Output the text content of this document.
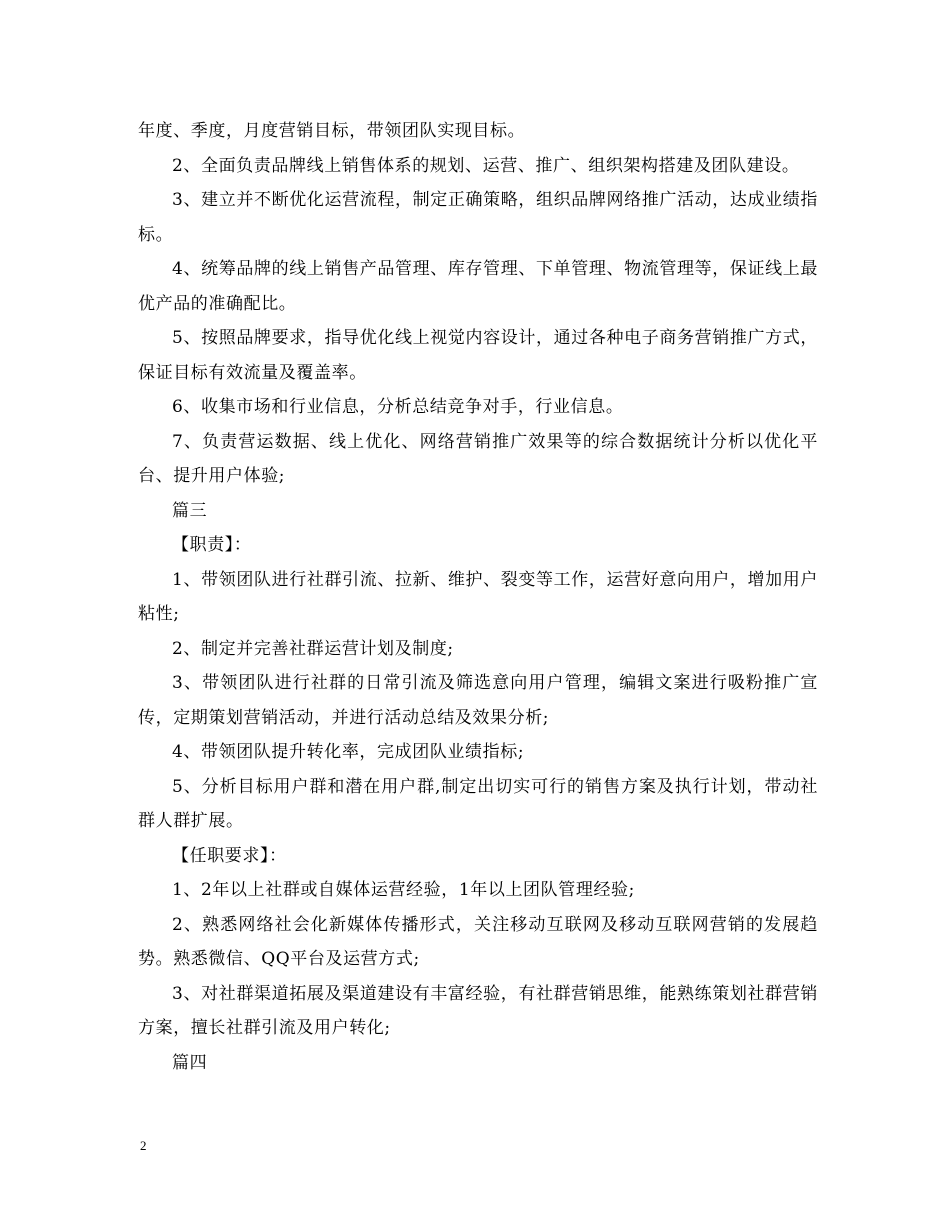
年度、季度，月度营销目标，带领团队实现目标。

2、全面负责品牌线上销售体系的规划、运营、推广、组织架构搭建及团队建设。

3、建立并不断优化运营流程，制定正确策略，组织品牌网络推广活动，达成业绩指标。

4、统筹品牌的线上销售产品管理、库存管理、下单管理、物流管理等，保证线上最优产品的准确配比。

5、按照品牌要求，指导优化线上视觉内容设计，通过各种电子商务营销推广方式，保证目标有效流量及覆盖率。

6、收集市场和行业信息，分析总结竞争对手，行业信息。

7、负责营运数据、线上优化、网络营销推广效果等的综合数据统计分析以优化平台、提升用户体验;

篇三

【职责】：

1、带领团队进行社群引流、拉新、维护、裂变等工作，运营好意向用户，增加用户粘性;

2、制定并完善社群运营计划及制度;

3、带领团队进行社群的日常引流及筛选意向用户管理，编辑文案进行吸粉推广宣传，定期策划营销活动，并进行活动总结及效果分析;

4、带领团队提升转化率，完成团队业绩指标;

5、分析目标用户群和潜在用户群,制定出切实可行的销售方案及执行计划，带动社群人群扩展。

【任职要求】：

1、2年以上社群或自媒体运营经验，1年以上团队管理经验;

2、熟悉网络社会化新媒体传播形式，关注移动互联网及移动互联网营销的发展趋势。熟悉微信、QQ平台及运营方式;

3、对社群渠道拓展及渠道建设有丰富经验，有社群营销思维，能熟练策划社群营销方案，擅长社群引流及用户转化;

篇四

2
